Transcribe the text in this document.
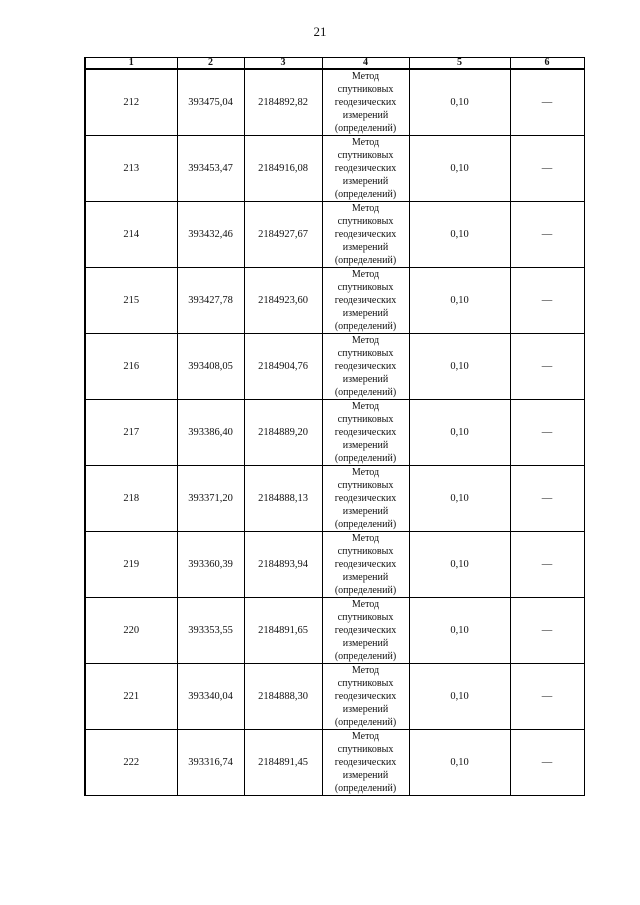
21
1	2	3	4	5	6
212	393475,04	2184892,82	Метод
спутниковых
геодезических
измерений
(определений)	0,10	—
213	393453,47	2184916,08	Метод
спутниковых
геодезических
измерений
(определений)	0,10	—
214	393432,46	2184927,67	Метод
спутниковых
геодезических
измерений
(определений)	0,10	—
215	393427,78	2184923,60	Метод
спутниковых
геодезических
измерений
(определений)	0,10	—
216	393408,05	2184904,76	Метод
спутниковых
геодезических
измерений
(определений)	0,10	—
217	393386,40	2184889,20	Метод
спутниковых
геодезических
измерений
(определений)	0,10	—
218	393371,20	2184888,13	Метод
спутниковых
геодезических
измерений
(определений)	0,10	—
219	393360,39	2184893,94	Метод
спутниковых
геодезических
измерений
(определений)	0,10	—
220	393353,55	2184891,65	Метод
спутниковых
геодезических
измерений
(определений)	0,10	—
221	393340,04	2184888,30	Метод
спутниковых
геодезических
измерений
(определений)	0,10	—
222	393316,74	2184891,45	Метод
спутниковых
геодезических
измерений
(определений)	0,10	—
